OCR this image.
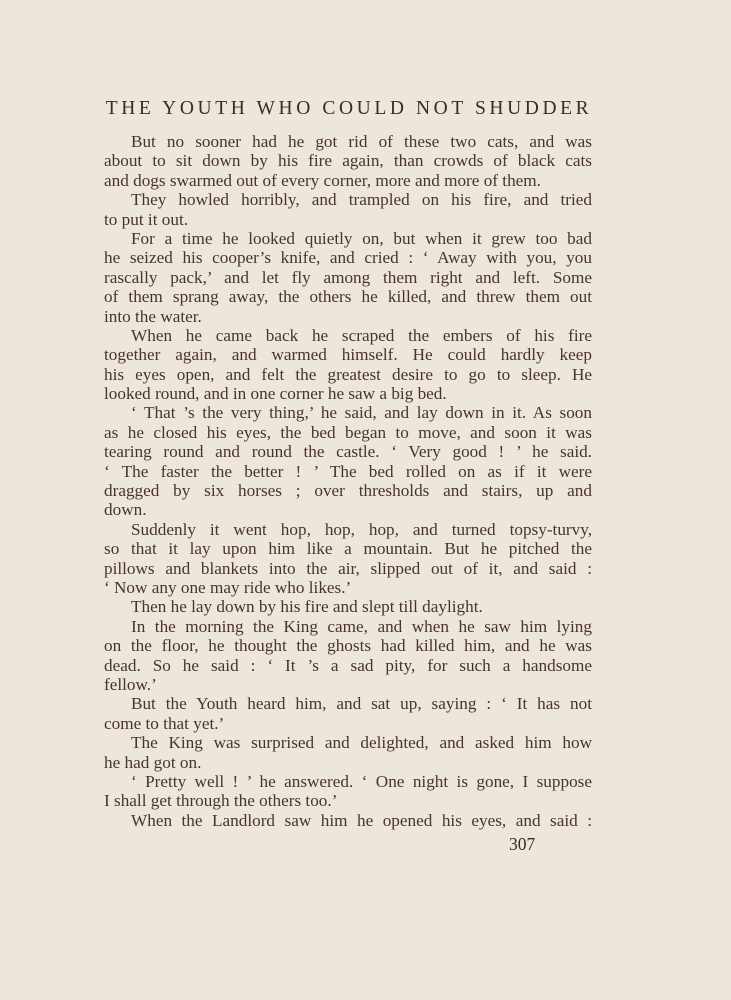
THE YOUTH WHO COULD NOT SHUDDER
But no sooner had he got rid of these two cats, and was
about to sit down by his fire again, than crowds of black cats
and dogs swarmed out of every corner, more and more of them.
They howled horribly, and trampled on his fire, and tried
to put it out.
For a time he looked quietly on, but when it grew too bad
he seized his cooper’s knife, and cried : ‘ Away with you, you
rascally pack,’ and let fly among them right and left. Some
of them sprang away, the others he killed, and threw them out
into the water.
When he came back he scraped the embers of his fire
together again, and warmed himself. He could hardly keep
his eyes open, and felt the greatest desire to go to sleep. He
looked round, and in one corner he saw a big bed.
‘ That ’s the very thing,’ he said, and lay down in it. As soon
as he closed his eyes, the bed began to move, and soon it was
tearing round and round the castle. ‘ Very good ! ’ he said.
‘ The faster the better ! ’ The bed rolled on as if it were
dragged by six horses ; over thresholds and stairs, up and
down.
Suddenly it went hop, hop, hop, and turned topsy-turvy,
so that it lay upon him like a mountain. But he pitched the
pillows and blankets into the air, slipped out of it, and said :
‘ Now any one may ride who likes.’
Then he lay down by his fire and slept till daylight.
In the morning the King came, and when he saw him lying
on the floor, he thought the ghosts had killed him, and he was
dead. So he said : ‘ It ’s a sad pity, for such a handsome
fellow.’
But the Youth heard him, and sat up, saying : ‘ It has not
come to that yet.’
The King was surprised and delighted, and asked him how
he had got on.
‘ Pretty well ! ’ he answered. ‘ One night is gone, I suppose
I shall get through the others too.’
When the Landlord saw him he opened his eyes, and said :
307
